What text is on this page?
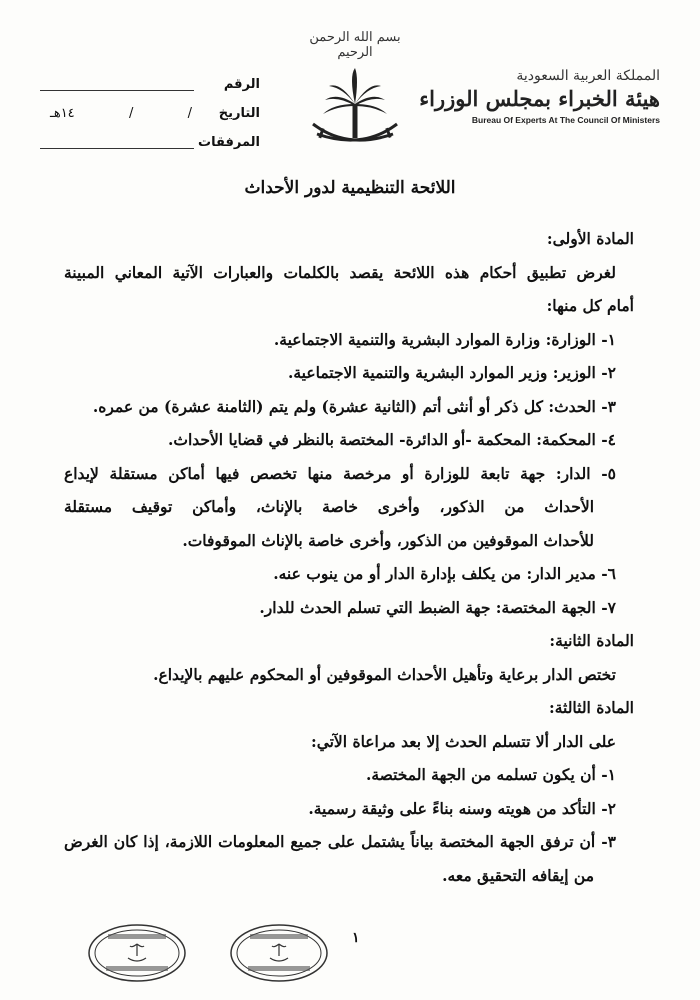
المملكة العربية السعودية
هيئة الخبراء بمجلس الوزراء
Bureau Of Experts At The Council Of Ministers
بسم الله الرحمن الرحيم
الرقم
التاريخ
/
/
١٤هـ
المرفقات
اللائحة التنظيمية لدور الأحداث
المادة الأولى:
لغرض تطبيق أحكام هذه اللائحة يقصد بالكلمات والعبارات الآتية المعاني المبينة
أمام كل منها:
١- الوزارة: وزارة الموارد البشرية والتنمية الاجتماعية.
٢- الوزير: وزير الموارد البشرية والتنمية الاجتماعية.
٣- الحدث: كل ذكر أو أنثى أتم (الثانية عشرة) ولم يتم (الثامنة عشرة) من عمره.
٤- المحكمة: المحكمة -أو الدائرة- المختصة بالنظر في قضايا الأحداث.
٥- الدار: جهة تابعة للوزارة أو مرخصة منها تخصص فيها أماكن مستقلة لإيداع
الأحداث من الذكور، وأخرى خاصة بالإناث، وأماكن توقيف مستقلة
للأحداث الموقوفين من الذكور، وأخرى خاصة بالإناث الموقوفات.
٦- مدير الدار: من يكلف بإدارة الدار أو من ينوب عنه.
٧- الجهة المختصة: جهة الضبط التي تسلم الحدث للدار.
المادة الثانية:
تختص الدار برعاية وتأهيل الأحداث الموقوفين أو المحكوم عليهم بالإيداع.
المادة الثالثة:
على الدار ألا تتسلم الحدث إلا بعد مراعاة الآتي:
١- أن يكون تسلمه من الجهة المختصة.
٢- التأكد من هويته وسنه بناءً على وثيقة رسمية.
٣- أن ترفق الجهة المختصة بياناً يشتمل على جميع المعلومات اللازمة، إذا كان الغرض
من إيقافه التحقيق معه.
١
